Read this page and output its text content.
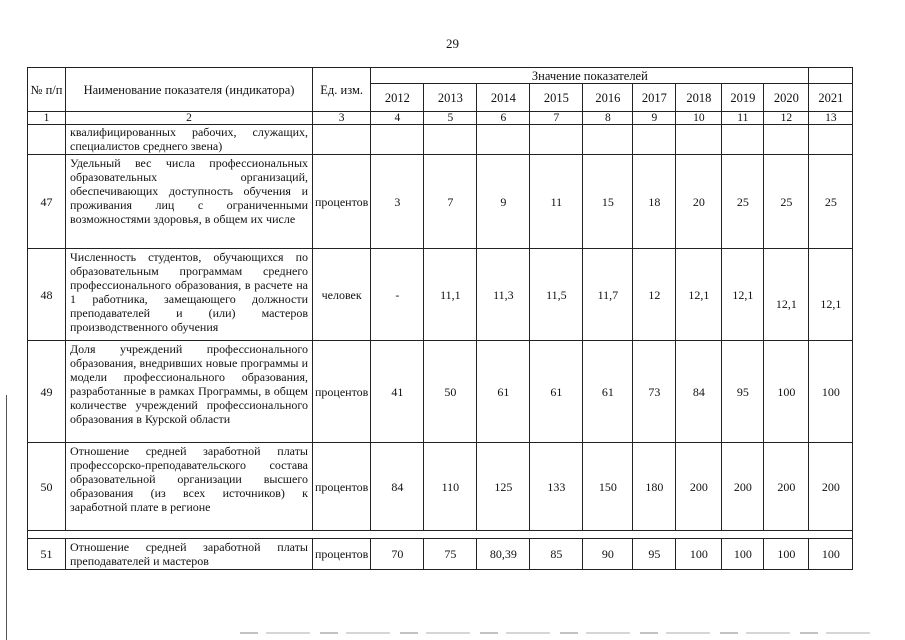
29
№ п/п	Наименование показателя (индикатора)	Ед. изм.	Значение показателей									
			2012	2013	2014	2015	2016	2017	2018	2019	2020	2021
1	2	3	4	5	6	7	8	9	10	11	12	13
	квалифицированных рабочих, служащих, специалистов среднего звена)											
47	Удельный вес числа профессиональных образовательных организаций, обеспечивающих доступность обучения и проживания лиц с ограниченными возможностями здоровья, в общем их числе	процентов	3	7	9	11	15	18	20	25	25	25
48	Численность студентов, обучающихся по образовательным программам среднего профессионального образования, в расчете на 1 работника, замещающего должности преподавателей и (или) мастеров производственного обучения	человек	-	11,1	11,3	11,5	11,7	12	12,1	12,1	12,1	12,1
49	Доля учреждений профессионального образования, внедривших новые программы и модели профессионального образования, разработанные в рамках Программы, в общем количестве учреждений профессионального образования в Курской области	процентов	41	50	61	61	61	73	84	95	100	100
50	Отношение средней заработной платы профессорско-преподавательского состава образовательной организации высшего образования (из всех источников) к заработной плате в регионе	процентов	84	110	125	133	150	180	200	200	200	200

51	Отношение средней заработной платы преподавателей и мастеров	процентов	70	75	80,39	85	90	95	100	100	100	100
